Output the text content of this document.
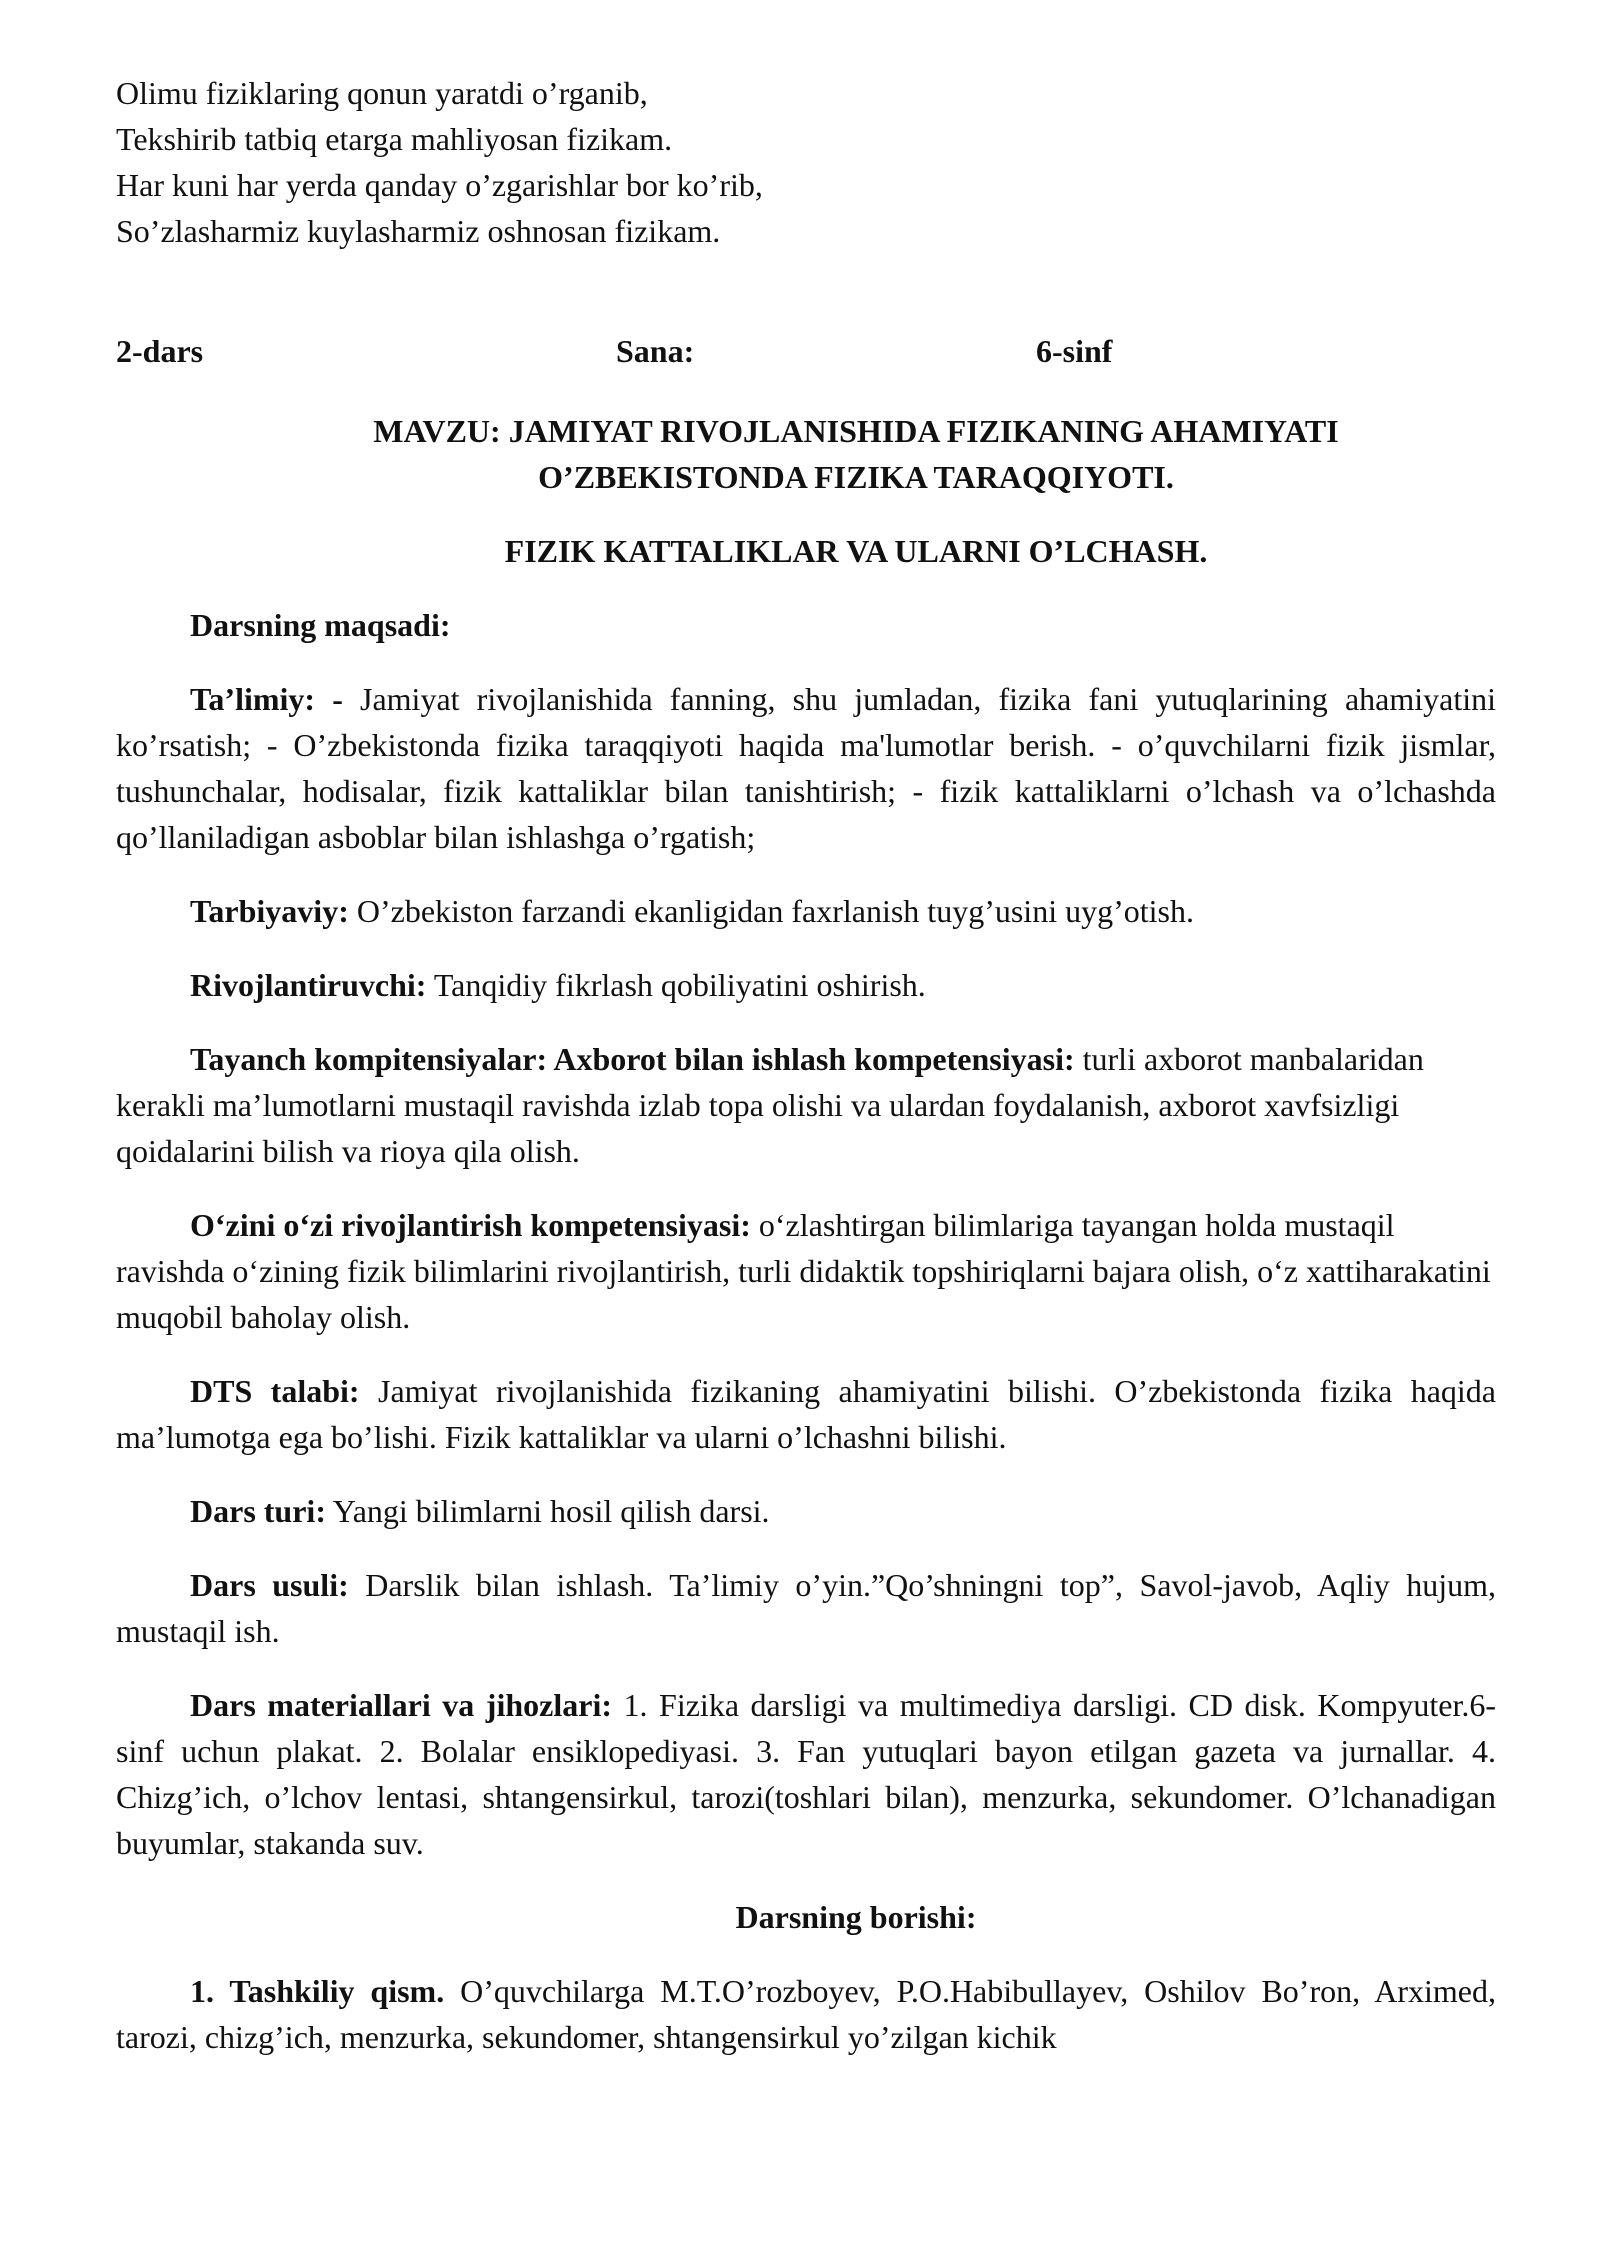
Olimu fiziklaring qonun yaratdi o’rganib,
Tekshirib tatbiq etarga mahliyosan fizikam.
Har kuni har yerda qanday o’zgarishlar bor ko’rib,
So’zlasharmiz kuylasharmiz oshnosan fizikam.
2-dars	Sana:	6-sinf
MAVZU: JAMIYAT RIVOJLANISHIDA FIZIKANING AHAMIYATI
O’ZBEKISTONDA FIZIKA TARAQQIYOTI.
FIZIK KATTALIKLAR VA ULARNI O’LCHASH.

Darsning maqsadi:

Ta’limiy: - Jamiyat rivojlanishida fanning, shu jumladan, fizika fani yutuqlarining ahamiyatini ko’rsatish; - O’zbekistonda fizika taraqqiyoti haqida ma'lumotlar berish. - o’quvchilarni fizik jismlar, tushunchalar, hodisalar, fizik kattaliklar bilan tanishtirish; - fizik kattaliklarni o’lchash va o’lchashda qo’llaniladigan asboblar bilan ishlashga o’rgatish;

Tarbiyaviy: O’zbekiston farzandi ekanligidan faxrlanish tuyg’usini uyg’otish.

Rivojlantiruvchi: Tanqidiy fikrlash qobiliyatini oshirish.

Tayanch kompitensiyalar: Axborot bilan ishlash kompetensiyasi: turli axborot manbalaridan kerakli ma’lumotlarni mustaqil ravishda izlab topa olishi va ulardan foydalanish, axborot xavfsizligi qoidalarini bilish va rioya qila olish.

O‘zini o‘zi rivojlantirish kompetensiyasi: o‘zlashtirgan bilimlariga tayangan holda mustaqil ravishda o‘zining fizik bilimlarini rivojlantirish, turli didaktik topshiriqlarni bajara olish, o‘z xattiharakatini muqobil baholay olish.

DTS talabi: Jamiyat rivojlanishida fizikaning ahamiyatini bilishi. O’zbekistonda fizika haqida ma’lumotga ega bo’lishi. Fizik kattaliklar va ularni o’lchashni bilishi.

Dars turi: Yangi bilimlarni hosil qilish darsi.

Dars usuli: Darslik bilan ishlash. Ta’limiy o’yin.”Qo’shningni top”, Savol-javob, Aqliy hujum, mustaqil ish.

Dars materiallari va jihozlari: 1. Fizika darsligi va multimediya darsligi. CD disk. Kompyuter.6-sinf uchun plakat. 2. Bolalar ensiklopediyasi. 3. Fan yutuqlari bayon etilgan gazeta va jurnallar. 4. Chizg’ich, o’lchov lentasi, shtangensirkul, tarozi(toshlari bilan), menzurka, sekundomer. O’lchanadigan buyumlar, stakanda suv.

Darsning borishi:

1. Tashkiliy qism. O’quvchilarga M.T.O’rozboyev, P.O.Habibullayev, Oshilov Bo’ron, Arximed, tarozi, chizg’ich, menzurka, sekundomer, shtangensirkul yo’zilgan kichik
